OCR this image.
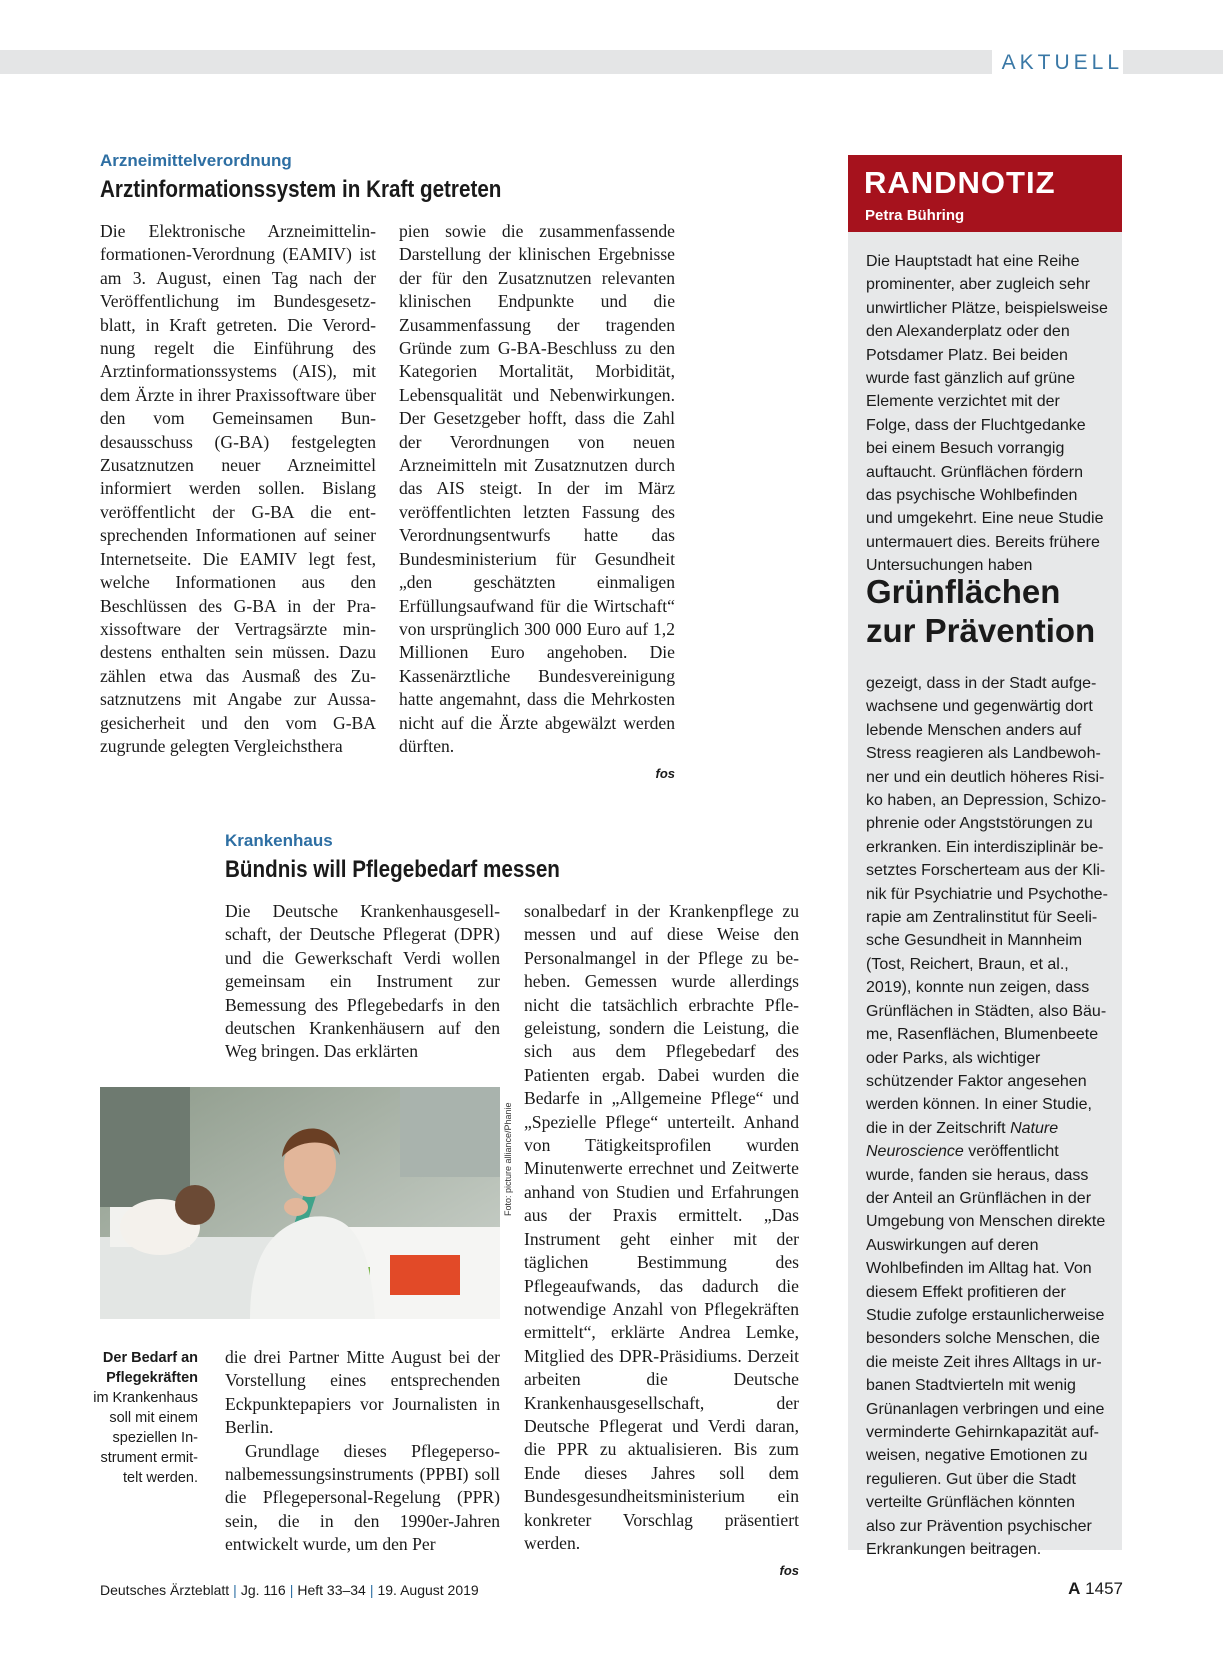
AKTUELL
Arzneimittelverordnung
Arztinformationssystem in Kraft getreten

Die Elektronische Arzneimittelinformationen-Verordnung (EAMIV) ist am 3. August, einen Tag nach der Veröffentlichung im Bundesgesetzblatt, in Kraft getreten. Die Verordnung regelt die Einführung des Arztinformationssystems (AIS), mit dem Ärzte in ihrer Praxissoftware über den vom Gemeinsamen Bundesausschuss (G-BA) festgelegten Zusatznutzen neuer Arzneimittel informiert werden sollen. Bislang veröffentlicht der G-BA die entsprechenden Informationen auf seiner Internetseite. Die EAMIV legt fest, welche Informationen aus den Beschlüssen des G-BA in der Praxissoftware der Vertragsärzte mindestens enthalten sein müssen. Dazu zählen etwa das Ausmaß des Zusatznutzens mit Angabe zur Aussagesicherheit und den vom G-BA zugrunde gelegten Vergleichsthera

pien sowie die zusammenfassende Darstellung der klinischen Ergebnisse der für den Zusatznutzen relevanten klinischen Endpunkte und die Zusammenfassung der tragenden Gründe zum G-BA-Beschluss zu den Kategorien Mortalität, Morbidität, Lebensqualität und Nebenwirkungen. Der Gesetzgeber hofft, dass die Zahl der Verordnungen von neuen Arzneimitteln mit Zusatznutzen durch das AIS steigt. In der im März veröffentlichten letzten Fassung des Verordnungsentwurfs hatte das Bundesministerium für Gesundheit „den geschätzten einmaligen Erfüllungsaufwand für die Wirtschaft“ von ursprünglich 300 000 Euro auf 1,2 Millionen Euro angehoben. Die Kassenärztliche Bundesvereinigung hatte angemahnt, dass die Mehrkosten nicht auf die Ärzte abgewälzt werden dürften.

fos
Krankenhaus
Bündnis will Pflegebedarf messen

Die Deutsche Krankenhausgesellschaft, der Deutsche Pflegerat (DPR) und die Gewerkschaft Verdi wollen gemeinsam ein Instrument zur Bemessung des Pflegebedarfs in den deutschen Krankenhäusern auf den Weg bringen. Das erklärten

Foto: picture alliance/Phanie
Der Bedarf an Pflegekräften im Krankenhaus soll mit einem speziellen Instrument ermittelt werden.

die drei Partner Mitte August bei der Vorstellung eines entsprechenden Eckpunktepapiers vor Journalisten in Berlin.

Grundlage dieses Pflegepersonalbemessungsinstruments (PPBI) soll die Pflegepersonal-Regelung (PPR) sein, die in den 1990er-Jahren entwickelt wurde, um den Per

sonalbedarf in der Krankenpflege zu messen und auf diese Weise den Personalmangel in der Pflege zu beheben. Gemessen wurde allerdings nicht die tatsächlich erbrachte Pflegeleistung, sondern die Leistung, die sich aus dem Pflegebedarf des Patienten ergab. Dabei wurden die Bedarfe in „Allgemeine Pflege“ und „Spezielle Pflege“ unterteilt. Anhand von Tätigkeitsprofilen wurden Minutenwerte errechnet und Zeitwerte anhand von Studien und Erfahrungen aus der Praxis ermittelt. „Das Instrument geht einher mit der täglichen Bestimmung des Pflegeaufwands, das dadurch die notwendige Anzahl von Pflegekräften ermittelt“, erklärte Andrea Lemke, Mitglied des DPR-Präsidiums. Derzeit arbeiten die Deutsche Krankenhausgesellschaft, der Deutsche Pflegerat und Verdi daran, die PPR zu aktualisieren. Bis zum Ende dieses Jahres soll dem Bundesgesundheitsministerium ein konkreter Vorschlag präsentiert werden.

fos
RANDNOTIZ
Petra Bühring
Die Hauptstadt hat eine Reihe prominenter, aber zugleich sehr unwirtlicher Plätze, beispielsweise den Alexanderplatz oder den Potsdamer Platz. Bei beiden wurde fast gänzlich auf grüne Elemente verzichtet mit der Folge, dass der Fluchtgedanke bei einem Besuch vorrangig auftaucht. Grünflächen fördern das psychische Wohlbefinden und umgekehrt. Eine neue Studie untermauert dies. Bereits frühere Untersuchungen haben
Grünflächen zur Prävention
gezeigt, dass in der Stadt aufgewachsene und gegenwärtig dort lebende Menschen anders auf Stress reagieren als Landbewohner und ein deutlich höheres Risiko haben, an Depression, Schizophrenie oder Angststörungen zu erkranken. Ein interdisziplinär besetztes Forscherteam aus der Klinik für Psychiatrie und Psychotherapie am Zentralinstitut für Seelische Gesundheit in Mannheim (Tost, Reichert, Braun, et al., 2019), konnte nun zeigen, dass Grünflächen in Städten, also Bäume, Rasenflächen, Blumenbeete oder Parks, als wichtiger schützender Faktor angesehen werden können. In einer Studie, die in der Zeitschrift Nature Neuroscience veröffentlicht wurde, fanden sie heraus, dass der Anteil an Grünflächen in der Umgebung von Menschen direkte Auswirkungen auf deren Wohlbefinden im Alltag hat. Von diesem Effekt profitieren der Studie zufolge erstaunlicherweise besonders solche Menschen, die die meiste Zeit ihres Alltags in urbanen Stadtvierteln mit wenig Grünanlagen verbringen und eine verminderte Gehirnkapazität aufweisen, negative Emotionen zu regulieren. Gut über die Stadt verteilte Grünflächen könnten also zur Prävention psychischer Erkrankungen beitragen.
Deutsches Ärzteblatt | Jg. 116 | Heft 33–34 | 19. August 2019	A 1457
